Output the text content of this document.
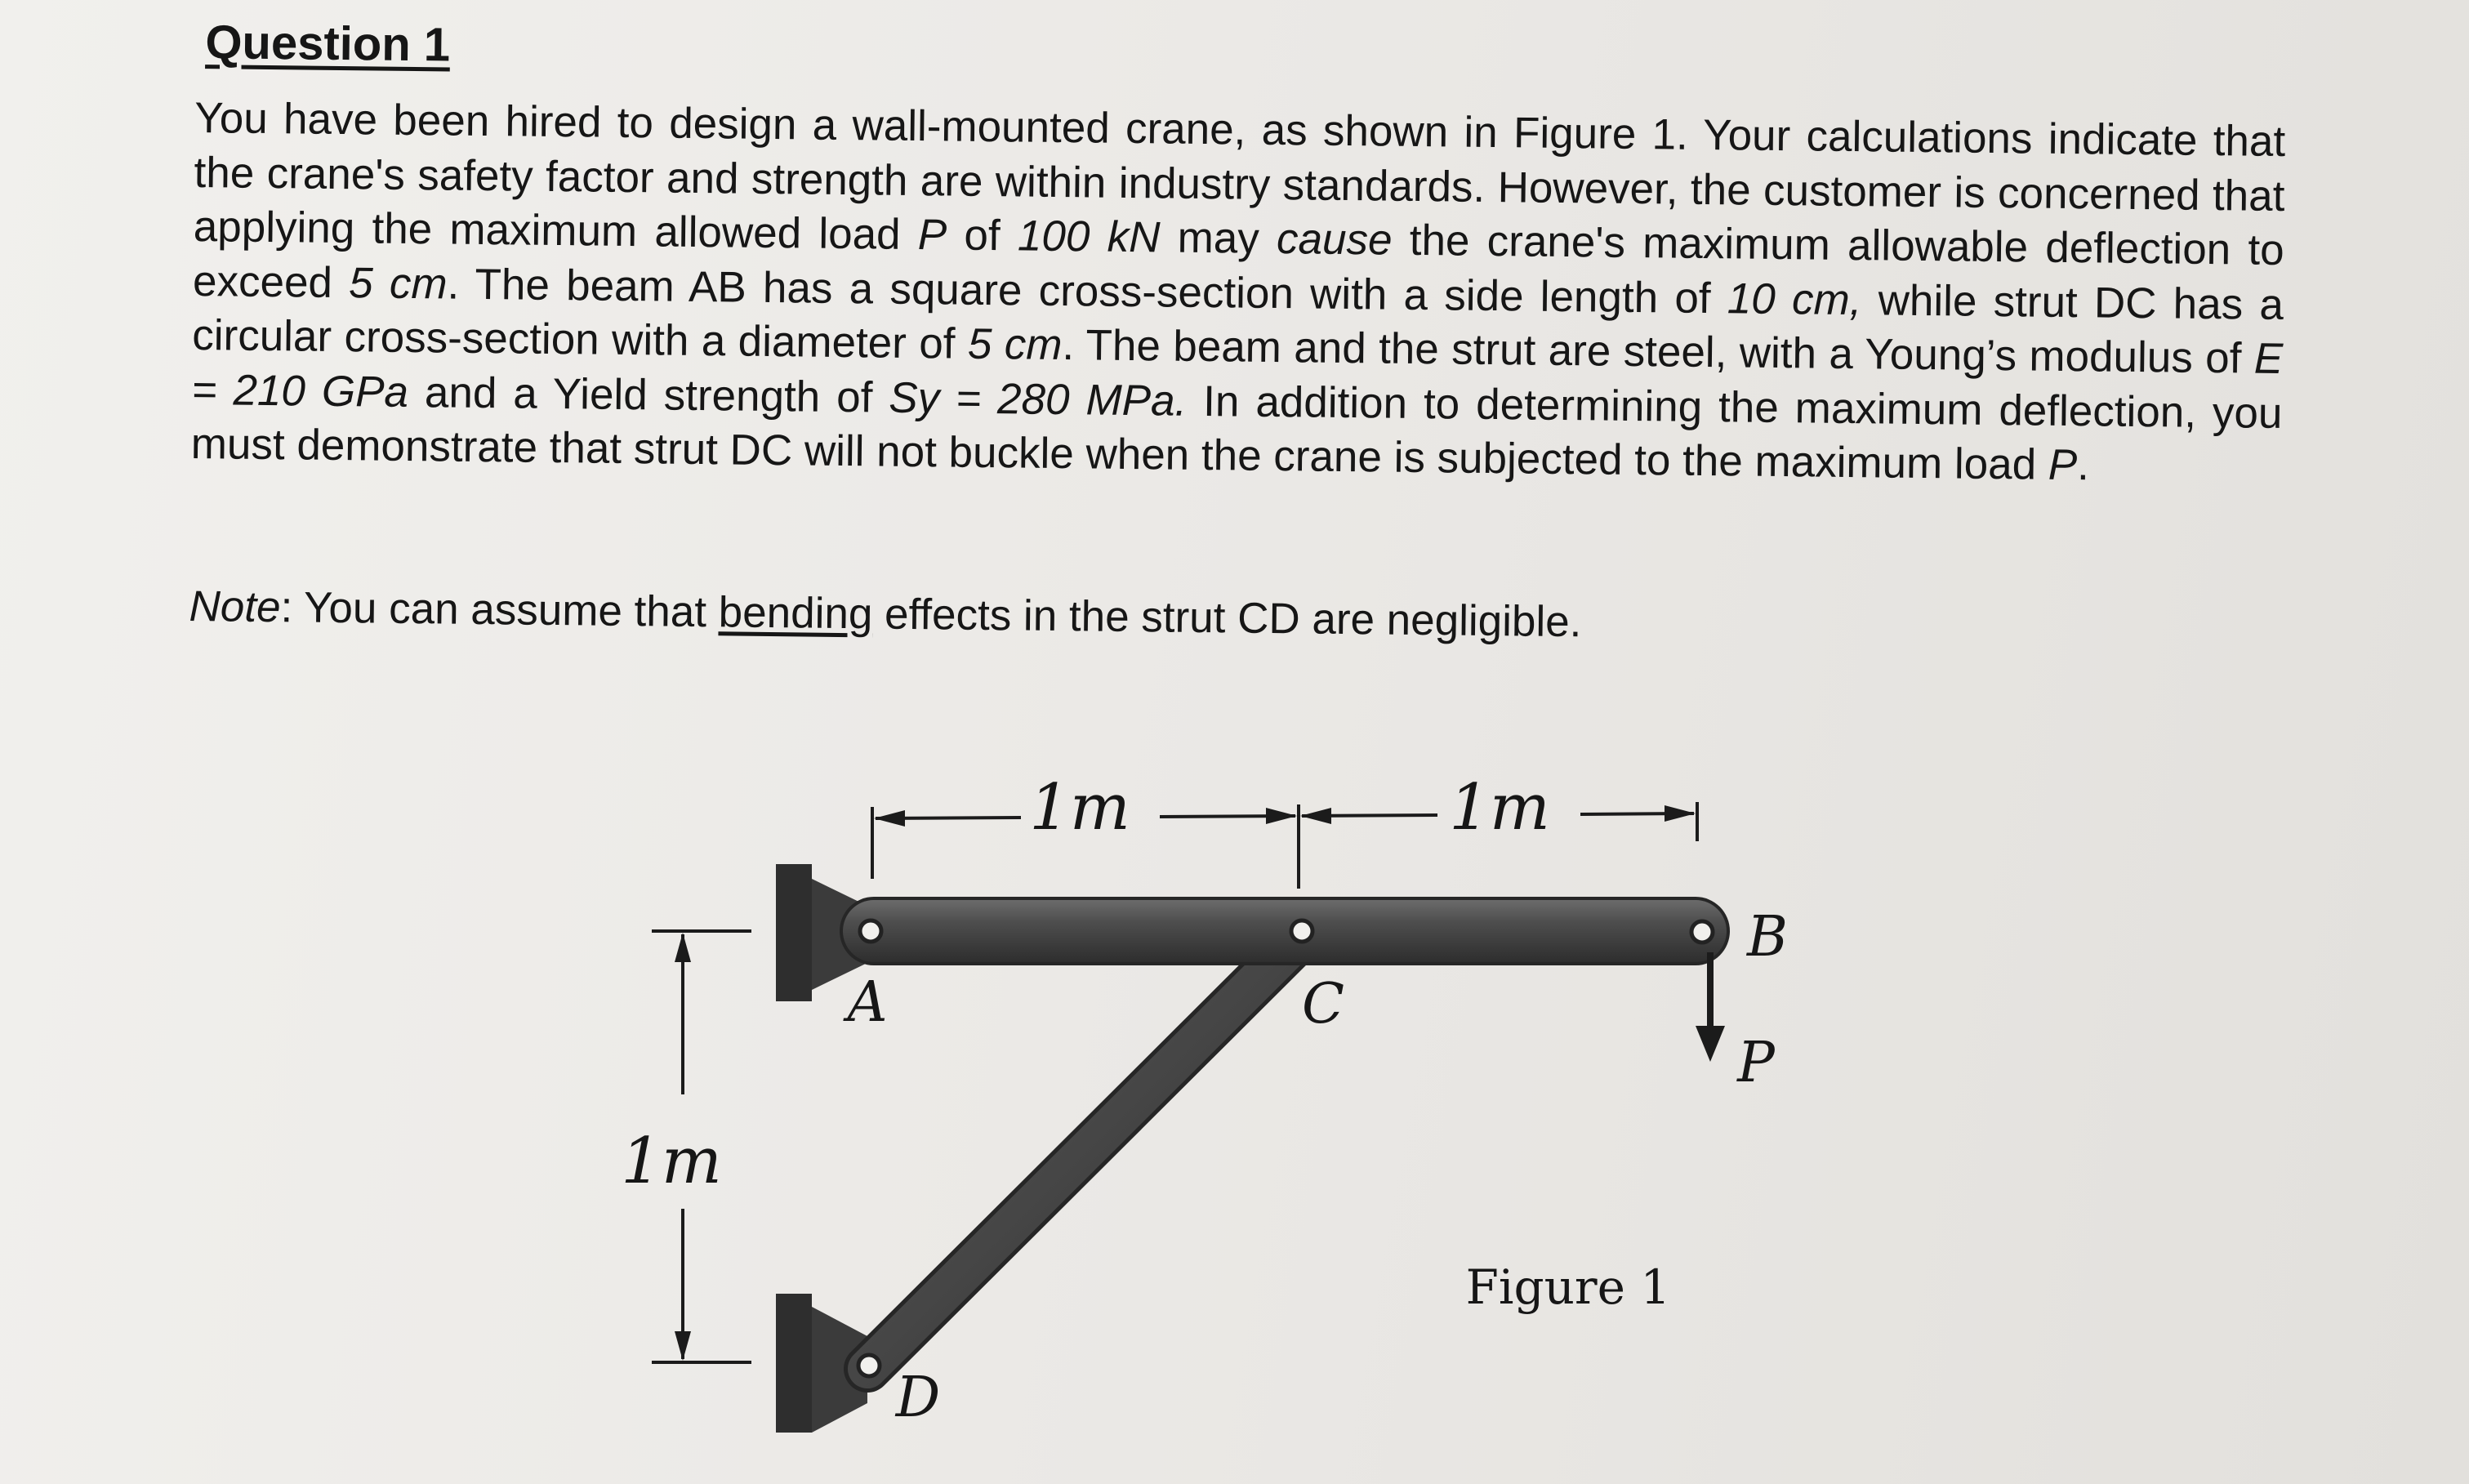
Question 1

You have been hired to design a wall-mounted crane, as shown in Figure 1. Your calculations indicate that the crane's safety factor and strength are within industry standards. However, the customer is concerned that applying the maximum allowed load P of 100 kN may cause the crane's maximum allowable deflection to exceed 5 cm. The beam AB has a square cross-section with a side length of 10 cm, while strut DC has a circular cross-section with a diameter of 5 cm. The beam and the strut are steel, with a Young’s modulus of E = 210 GPa and a Yield strength of Sy = 280 MPa. In addition to determining the maximum deflection, you must demonstrate that strut DC will not buckle when the crane is subjected to the maximum load P.

Note: You can assume that bending effects in the strut CD are negligible.

1m	1m
1m
A	C
B
P
D
Figure 1
